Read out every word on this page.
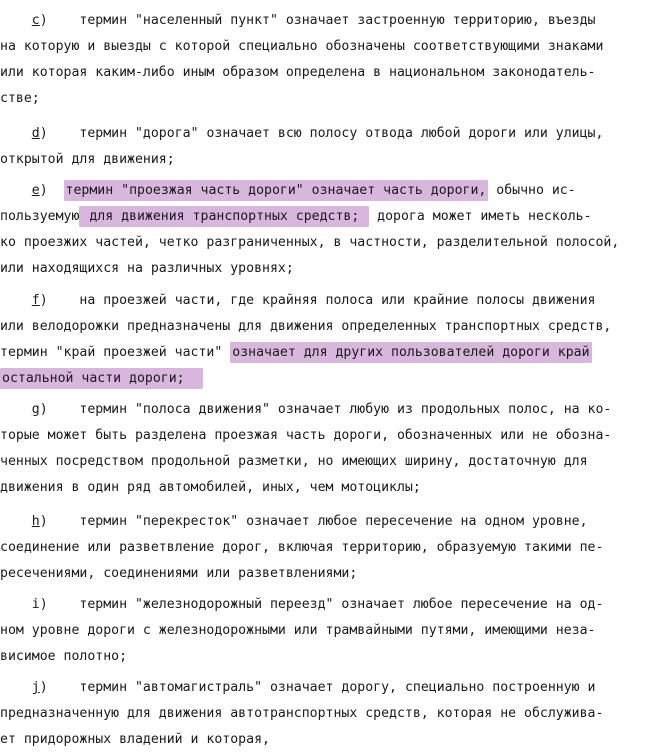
c)    термин "населенный пункт" означает застроенную территорию, въезды
на которую и выезды с которой специально обозначены соответствующими знаками
или которая каким-либо иным образом определена в национальном законодатель-
стве;
d)    термин "дорога" означает всю полосу отвода любой дороги или улицы,
открытой для движения;
e)  термин "проезжая часть дороги" означает часть дороги, обычно ис-
пользуемую для движения транспортных средств;  дорога может иметь несколь-
ко проезжих частей, четко разграниченных, в частности, разделительной полосой,
или находящихся на различных уровнях;
f)    на проезжей части, где крайняя полоса или крайние полосы движения
или велодорожки предназначены для движения определенных транспортных средств,
термин "край проезжей части" означает для других пользователей дороги край
остальной части дороги;
g)    термин "полоса движения" означает любую из продольных полос, на ко-
торые может быть разделена проезжая часть дороги, обозначенных или не обозна-
ченных посредством продольной разметки, но имеющих ширину, достаточную для
движения в один ряд автомобилей, иных, чем мотоциклы;
h)    термин "перекресток" означает любое пересечение на одном уровне,
соединение или разветвление дорог, включая территорию, образуемую такими пе-
ресечениями, соединениями или разветвлениями;
i)    термин "железнодорожный переезд" означает любое пересечение на од-
ном уровне дороги с железнодорожными или трамвайными путями, имеющими неза-
висимое полотно;
j)    термин "автомагистраль" означает дорогу, специально построенную и
предназначенную для движения автотранспортных средств, которая не обслужива-
ет придорожных владений и которая,
